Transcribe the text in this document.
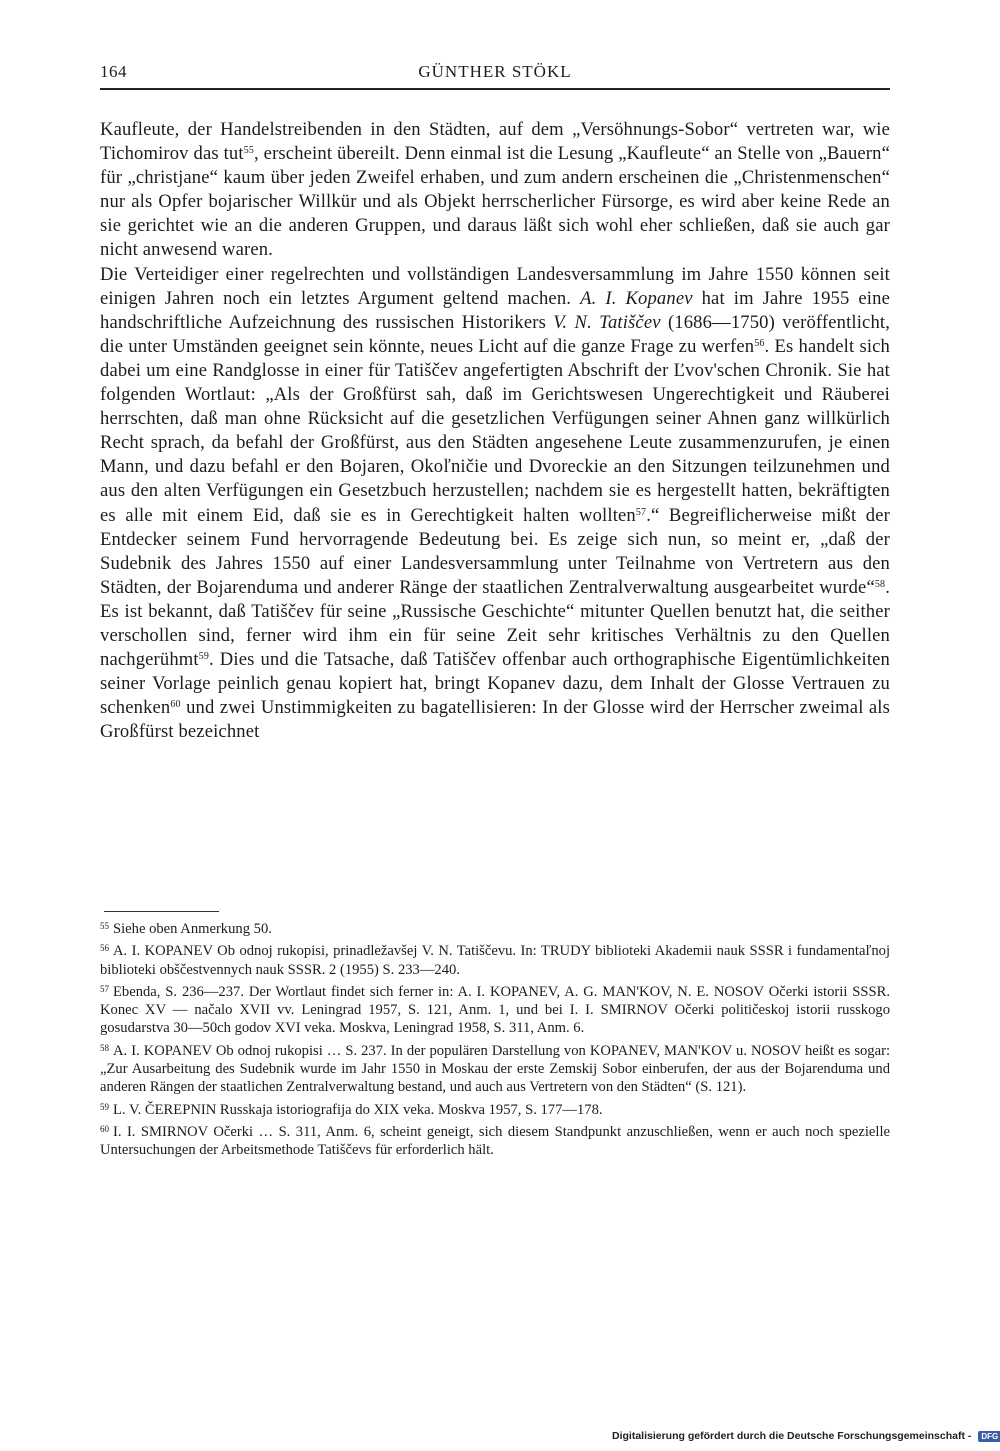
164	GÜNTHER STÖKL

Kaufleute, der Handelstreibenden in den Städten, auf dem „Versöhnungs-Sobor“ vertreten war, wie Tichomirov das tut$^{55}$, erscheint übereilt. Denn einmal ist die Lesung „Kaufleute“ an Stelle von „Bauern“ für „christjane“ kaum über jeden Zweifel erhaben, und zum andern erscheinen die „Christenmenschen“ nur als Opfer bojarischer Willkür und als Objekt herrscherlicher Fürsorge, es wird aber keine Rede an sie gerichtet wie an die anderen Gruppen, und daraus läßt sich wohl eher schließen, daß sie auch gar nicht anwesend waren.

Die Verteidiger einer regelrechten und vollständigen Landesversammlung im Jahre 1550 können seit einigen Jahren noch ein letztes Argument geltend machen. A. I. Kopanev hat im Jahre 1955 eine handschriftliche Aufzeichnung des russischen Historikers V. N. Tatiščev (1686—1750) veröffentlicht, die unter Umständen geeignet sein könnte, neues Licht auf die ganze Frage zu werfen$^{56}$. Es handelt sich dabei um eine Randglosse in einer für Tatiščev angefertigten Abschrift der Ľvov'schen Chronik. Sie hat folgenden Wortlaut: „Als der Großfürst sah, daß im Gerichtswesen Ungerechtigkeit und Räuberei herrschten, daß man ohne Rücksicht auf die gesetzlichen Verfügungen seiner Ahnen ganz willkürlich Recht sprach, da befahl der Großfürst, aus den Städten angesehene Leute zusammenzurufen, je einen Mann, und dazu befahl er den Bojaren, Okoľničie und Dvoreckie an den Sitzungen teilzunehmen und aus den alten Verfügungen ein Gesetzbuch herzustellen; nachdem sie es hergestellt hatten, bekräftigten es alle mit einem Eid, daß sie es in Gerechtigkeit halten wollten$^{57}$.“ Begreiflicherweise mißt der Entdecker seinem Fund hervorragende Bedeutung bei. Es zeige sich nun, so meint er, „daß der Sudebnik des Jahres 1550 auf einer Landesversammlung unter Teilnahme von Vertretern aus den Städten, der Bojarenduma und anderer Ränge der staatlichen Zentralverwaltung ausgearbeitet wurde“$^{58}$. Es ist bekannt, daß Tatiščev für seine „Russische Geschichte“ mitunter Quellen benutzt hat, die seither verschollen sind, ferner wird ihm ein für seine Zeit sehr kritisches Verhältnis zu den Quellen nachgerühmt$^{59}$. Dies und die Tatsache, daß Tatiščev offenbar auch orthographische Eigentümlichkeiten seiner Vorlage peinlich genau kopiert hat, bringt Kopanev dazu, dem Inhalt der Glosse Vertrauen zu schenken$^{60}$ und zwei Unstimmigkeiten zu bagatellisieren: In der Glosse wird der Herrscher zweimal als Großfürst bezeichnet

$^{55}$ Siehe oben Anmerkung 50.
$^{56}$ A. I. KOPANEV Ob odnoj rukopisi, prinadležavšej V. N. Tatiščevu. In: TRUDY biblioteki Akademii nauk SSSR i fundamentaľnoj biblioteki obščestvennych nauk SSSR. 2 (1955) S. 233—240.
$^{57}$ Ebenda, S. 236—237. Der Wortlaut findet sich ferner in: A. I. KOPANEV, A. G. MAN'KOV, N. E. NOSOV Očerki istorii SSSR. Konec XV — načalo XVII vv. Leningrad 1957, S. 121, Anm. 1, und bei I. I. SMIRNOV Očerki političeskoj istorii russkogo gosudarstva 30—50ch godov XVI veka. Moskva, Leningrad 1958, S. 311, Anm. 6.
$^{58}$ A. I. KOPANEV Ob odnoj rukopisi … S. 237. In der populären Darstellung von KOPANEV, MAN'KOV u. NOSOV heißt es sogar: „Zur Ausarbeitung des Sudebnik wurde im Jahr 1550 in Moskau der erste Zemskij Sobor einberufen, der aus der Bojarenduma und anderen Rängen der staatlichen Zentralverwaltung bestand, und auch aus Vertretern von den Städten“ (S. 121).
$^{59}$ L. V. ČEREPNIN Russkaja istoriografija do XIX veka. Moskva 1957, S. 177—178.
$^{60}$ I. I. SMIRNOV Očerki … S. 311, Anm. 6, scheint geneigt, sich diesem Standpunkt anzuschließen, wenn er auch noch spezielle Untersuchungen der Arbeitsmethode Tatiščevs für erforderlich hält.
Digitalisierung gefördert durch die Deutsche Forschungsgemeinschaft - DFG
